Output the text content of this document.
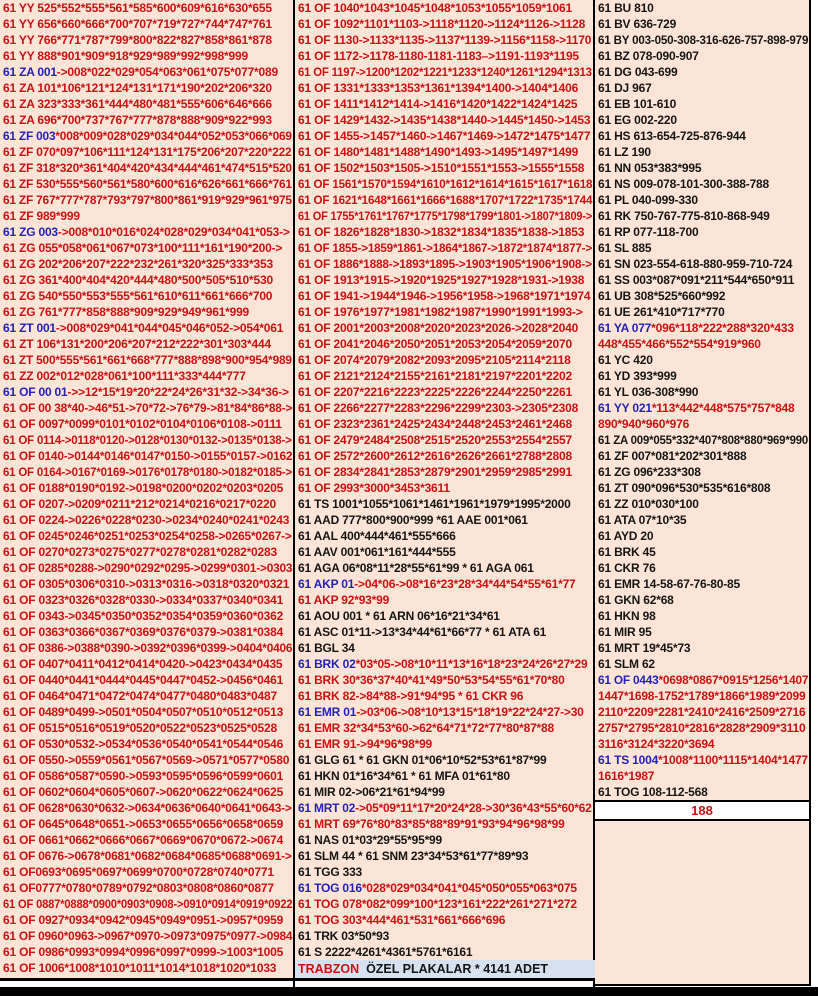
61 YY 525*552*555*561*585*600*609*616*630*655
61 YY 656*660*666*700*707*719*727*744*747*761
61 YY 766*771*787*799*800*822*827*858*861*878
61 YY 888*901*909*918*929*989*992*998*999
61 ZA 001->008*022*029*054*063*061*075*077*089
61 ZA 101*106*121*124*131*171*190*202*206*320
61 ZA 323*333*361*444*480*481*555*606*646*666
61 ZA 696*700*737*767*777*878*888*909*922*993
61 ZF 003*008*009*028*029*034*044*052*053*066*069
61 ZF 070*097*106*111*124*131*175*206*207*220*222
61 ZF 318*320*361*404*420*434*444*461*474*515*520
61 ZF 530*555*560*561*580*600*616*626*661*666*761
61 ZF 767*777*787*793*797*800*861*919*929*961*975
61 ZF 989*999
61 ZG 003->008*010*016*024*028*029*034*041*053->
61 ZG 055*058*061*067*073*100*111*161*190*200->
61 ZG 202*206*207*222*232*261*320*325*333*353
61 ZG 361*400*404*420*444*480*500*505*510*530
61 ZG 540*550*553*555*561*610*611*661*666*700
61 ZG 761*777*858*888*909*929*949*961*999
61 ZT 001->008*029*041*044*045*046*052->054*061
61 ZT 106*131*200*206*207*212*222*301*303*444
61 ZT 500*555*561*661*668*777*888*898*900*954*989
61 ZZ 002*012*028*061*100*111*333*444*777
61 OF 00 01->>12*15*19*20*22*24*26*31*32->34*36->
61 OF 00 38*40->46*51->70*72->76*79->81*84*86*88->
61 OF 0097*0099*0101*0102*0104*0106*0108->0111
61 OF 0114->0118*0120->0128*0130*0132->0135*0138->
61 OF 0140->0144*0146*0147*0150->0155*0157->0162
61 OF 0164->0167*0169->0176*0178*0180->0182*0185->
61 OF 0188*0190*0192->0198*0200*0202*0203*0205
61 OF 0207->0209*0211*212*0214*0216*0217*0220
61 OF 0224->0226*0228*0230->0234*0240*0241*0243
61 OF 0245*0246*0251*0253*0254*0258->0265*0267->
61 OF 0270*0273*0275*0277*0278*0281*0282*0283
61 OF 0285*0288->0290*0292*0295->0299*0301->0303
61 OF 0305*0306*0310->0313*0316->0318*0320*0321
61 OF 0323*0326*0328*0330->0334*0337*0340*0341
61 OF 0343->0345*0350*0352*0354*0359*0360*0362
61 OF 0363*0366*0367*0369*0376*0379->0381*0384
61 OF 0386->0388*0390->0392*0396*0399->0404*0406
61 OF 0407*0411*0412*0414*0420->0423*0434*0435
61 OF 0440*0441*0444*0445*0447*0452->0456*0461
61 OF 0464*0471*0472*0474*0477*0480*0483*0487
61 OF 0489*0499->0501*0504*0507*0510*0512*0513
61 OF 0515*0516*0519*0520*0522*0523*0525*0528
61 OF 0530*0532->0534*0536*0540*0541*0544*0546
61 OF 0550->0559*0561*0567*0569->0571*0577*0580
61 OF 0586*0587*0590->0593*0595*0596*0599*0601
61 OF 0602*0604*0605*0607->0620*0622*0624*0625
61 OF 0628*0630*0632->0634*0636*0640*0641*0643->
61 OF 0645*0648*0651->0653*0655*0656*0658*0659
61 OF 0661*0662*0666*0667*0669*0670*0672->0674
61 OF 0676->0678*0681*0682*0684*0685*0688*0691->
61 OF0693*0695*0697*0699*0700*0728*0740*0771
61 OF0777*0780*0789*0792*0803*0808*0860*0877
61 OF 0887*0888*0900*0903*0908->0910*0914*0919*0922
61 OF 0927*0934*0942*0945*0949*0951->0957*0959
61 OF 0960*0963->0967*0970->0973*0975*0977->0984
61 OF 0986*0993*0994*0996*0997*0999->1003*1005
61 OF 1006*1008*1010*1011*1014*1018*1020*1033
61 OF 1040*1043*1045*1048*1053*1055*1059*1061
61 OF 1092*1101*1103->1118*1120->1124*1126->1128
61 OF 1130->1133*1135->1137*1139->1156*1158->1170
61 OF 1172->1178-1180-1181-1183–>1191-1193*1195
61 OF 1197->1200*1202*1221*1233*1240*1261*1294*1313
61 OF 1331*1333*1353*1361*1394*1400->1404*1406
61 OF 1411*1412*1414->1416*1420*1422*1424*1425
61 OF 1429*1432->1435*1438*1440->1445*1450->1453
61 OF 1455->1457*1460->1467*1469->1472*1475*1477
61 OF 1480*1481*1488*1490*1493->1495*1497*1499
61 OF 1502*1503*1505->1510*1551*1553->1555*1558
61 OF 1561*1570*1594*1610*1612*1614*1615*1617*1618
61 OF 1621*1648*1661*1666*1688*1707*1722*1735*1744
61 OF 1755*1761*1767*1775*1798*1799*1801->1807*1809->
61 OF 1826*1828*1830->1832*1834*1835*1838->1853
61 OF 1855->1859*1861->1864*1867->1872*1874*1877->
61 OF 1886*1888->1893*1895->1903*1905*1906*1908->
61 OF 1913*1915->1920*1925*1927*1928*1931->1938
61 OF 1941->1944*1946->1956*1958->1968*1971*1974
61 OF 1976*1977*1981*1982*1987*1990*1991*1993->
61 OF 2001*2003*2008*2020*2023*2026->2028*2040
61 OF 2041*2046*2050*2051*2053*2054*2059*2070
61 OF 2074*2079*2082*2093*2095*2105*2114*2118
61 OF 2121*2124*2155*2161*2181*2197*2201*2202
61 OF 2207*2216*2223*2225*2226*2244*2250*2261
61 OF 2266*2277*2283*2296*2299*2303->2305*2308
61 OF 2323*2361*2425*2434*2448*2453*2461*2468
61 OF 2479*2484*2508*2515*2520*2553*2554*2557
61 OF 2572*2600*2612*2616*2626*2661*2788*2808
61 OF 2834*2841*2853*2879*2901*2959*2985*2991
61 OF 2993*3000*3453*3611
61 TS 1001*1055*1061*1461*1961*1979*1995*2000
61 AAD 777*800*900*999 *61 AAE 001*061
61 AAL 400*444*461*555*666
61 AAV 001*061*161*444*555
61 AGA 06*08*11*28*55*61*99 * 61 AGA 061
61 AKP 01->04*06->08*16*23*28*34*44*54*55*61*77
61 AKP 92*93*99
61 AOU 001 * 61 ARN 06*16*21*34*61
61 ASC 01*11->13*34*44*61*66*77 * 61 ATA 61
61 BGL 34
61 BRK 02*03*05->08*10*11*13*16*18*23*24*26*27*29
61 BRK 30*36*37*40*41*49*50*53*54*55*61*70*80
61 BRK 82->84*88->91*94*95 * 61 CKR 96
61 EMR 01->03*06->08*10*13*15*18*19*22*24*27->30
61 EMR 32*34*53*60->62*64*71*72*77*80*87*88
61 EMR 91->94*96*98*99
61 GLG 61 * 61 GKN 01*06*10*52*53*61*87*99
61 HKN 01*16*34*61 * 61 MFA 01*61*80
61 MIR 02->06*21*61*94*99
61 MRT 02->05*09*11*17*20*24*28->30*36*43*55*60*62
61 MRT 69*76*80*83*85*88*89*91*93*94*96*98*99
61 NAS 01*03*29*55*95*99
61 SLM 44 * 61 SNM 23*34*53*61*77*89*93
61 TGG 333
61 TOG 016*028*029*034*041*045*050*055*063*075
61 TOG 078*082*099*100*123*161*222*261*271*272
61 TOG 303*444*461*531*661*666*696
61 TRK 03*50*93
61 S 2222*4261*4361*5761*6161
61 BU 810
61 BV 636-729
61 BY 003-050-308-316-626-757-898-979
61 BZ 078-090-907
61 DG 043-699
61 DJ 967
61 EB 101-610
61 EG 002-220
61 HS 613-654-725-876-944
61 LZ 190
61 NN 053*383*995
61 NS 009-078-101-300-388-788
61 PL 040-099-330
61 RK 750-767-775-810-868-949
61 RP 077-118-700
61 SL 885
61 SN 023-554-618-880-959-710-724
61 SS 003*087*091*211*544*650*911
61 UB 308*525*660*992
61 UE 261*410*717*770
61 YA 077*096*118*222*288*320*433
448*455*466*552*554*919*960
61 YC 420
61 YD 393*999
61 YL 036-308*990
61 YY 021*113*442*448*575*757*848
890*940*960*976
61 ZA 009*055*332*407*808*880*969*990
61 ZF 007*081*202*301*888
61 ZG 096*233*308
61 ZT 090*096*530*535*616*808
61 ZZ 010*030*100
61 ATA 07*10*35
61 AYD 20
61 BRK 45
61 CKR 76
61 EMR 14-58-67-76-80-85
61 GKN 62*68
61 HKN 98
61 MIR 95
61 MRT 19*45*73
61 SLM 62
61 OF 0443*0698*0867*0915*1256*1407
1447*1698-1752*1789*1866*1989*2099
2110*2209*2281*2410*2416*2509*2716
2757*2795*2810*2816*2828*2909*3110
3116*3124*3220*3694
61 TS 1004*1008*1100*1115*1404*1477
1616*1987
61 TOG 108-112-568
TRABZON ÖZEL PLAKALAR * 4141 ADET
188
